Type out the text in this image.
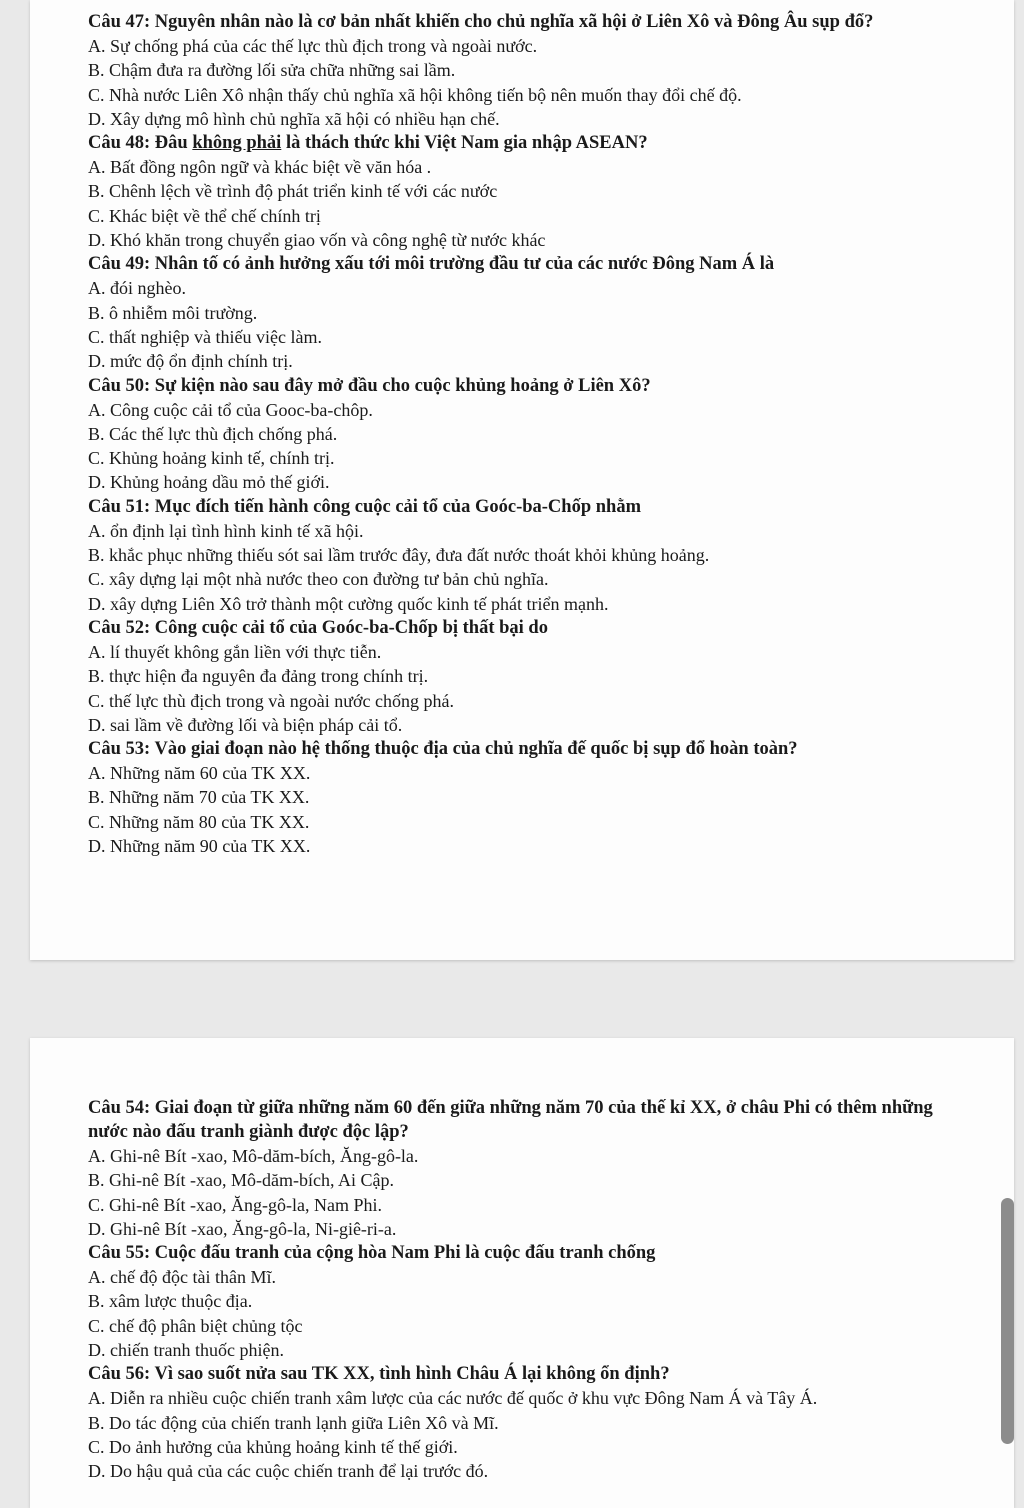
Câu 47: Nguyên nhân nào là cơ bản nhất khiến cho chủ nghĩa xã hội ở Liên Xô và Đông Âu sụp đổ?

A. Sự chống phá của các thế lực thù địch trong và ngoài nước.

B. Chậm đưa ra đường lối sửa chữa những sai lầm.

C. Nhà nước Liên Xô nhận thấy chủ nghĩa xã hội không tiến bộ nên muốn thay đổi chế độ.

D. Xây dựng mô hình chủ nghĩa xã hội có nhiều hạn chế.

Câu 48: Đâu không phải là thách thức khi Việt Nam gia nhập ASEAN?

A. Bất đồng ngôn ngữ và khác biệt về văn hóa .

B. Chênh lệch về trình độ phát triển kinh tế với các nước

C. Khác biệt về thể chế chính trị

D. Khó khăn trong chuyển giao vốn và công nghệ từ nước khác

Câu 49: Nhân tố có ảnh hưởng xấu tới môi trường đầu tư của các nước Đông Nam Á là

A. đói nghèo.

B. ô nhiễm môi trường.

C. thất nghiệp và thiếu việc làm.

D. mức độ ổn định chính trị.

Câu 50: Sự kiện nào sau đây mở đầu cho cuộc khủng hoảng ở Liên Xô?

A. Công cuộc cải tổ của Gooc-ba-chôp.

B. Các thế lực thù địch chống phá.

C. Khủng hoảng kinh tế, chính trị.

D. Khủng hoảng dầu mỏ thế giới.

Câu 51: Mục đích tiến hành công cuộc cải tổ của Goóc-ba-Chốp nhằm

A. ổn định lại tình hình kinh tế xã hội.

B. khắc phục những thiếu sót sai lầm trước đây, đưa đất nước thoát khỏi khủng hoảng.

C. xây dựng lại một nhà nước theo con đường tư bản chủ nghĩa.

D. xây dựng Liên Xô trở thành một cường quốc kinh tế phát triển mạnh.

Câu 52: Công cuộc cải tổ của Goóc-ba-Chốp bị thất bại do

A. lí thuyết không gắn liền với thực tiễn.

B. thực hiện đa nguyên đa đảng trong chính trị.

C. thế lực thù địch trong và ngoài nước chống phá.

D. sai lầm về đường lối và biện pháp cải tổ.

Câu 53: Vào giai đoạn nào hệ thống thuộc địa của chủ nghĩa đế quốc bị sụp đổ hoàn toàn?

A. Những năm 60 của TK XX.

B. Những năm 70 của TK XX.

C. Những năm 80 của TK XX.

D. Những năm 90 của TK XX.

Câu 54: Giai đoạn từ giữa những năm 60 đến giữa những năm 70 của thế kỉ XX, ở châu Phi có thêm những nước nào đấu tranh giành được độc lập?

A. Ghi-nê Bít -xao, Mô-dăm-bích, Ăng-gô-la.

B. Ghi-nê Bít -xao, Mô-dăm-bích, Ai Cập.

C. Ghi-nê Bít -xao, Ăng-gô-la, Nam Phi.

D. Ghi-nê Bít -xao, Ăng-gô-la, Ni-giê-ri-a.

Câu 55: Cuộc đấu tranh của cộng hòa Nam Phi là cuộc đấu tranh chống

A. chế độ độc tài thân Mĩ.

B. xâm lược thuộc địa.

C. chế độ phân biệt chủng tộc

D. chiến tranh thuốc phiện.

Câu 56: Vì sao suốt nửa sau TK XX, tình hình Châu Á lại không ổn định?

A. Diễn ra nhiều cuộc chiến tranh xâm lược của các nước đế quốc ở khu vực Đông Nam Á và Tây Á.

B. Do tác động của chiến tranh lạnh giữa Liên Xô và Mĩ.

C. Do ảnh hưởng của khủng hoảng kinh tế thế giới.

D. Do hậu quả của các cuộc chiến tranh để lại trước đó.
